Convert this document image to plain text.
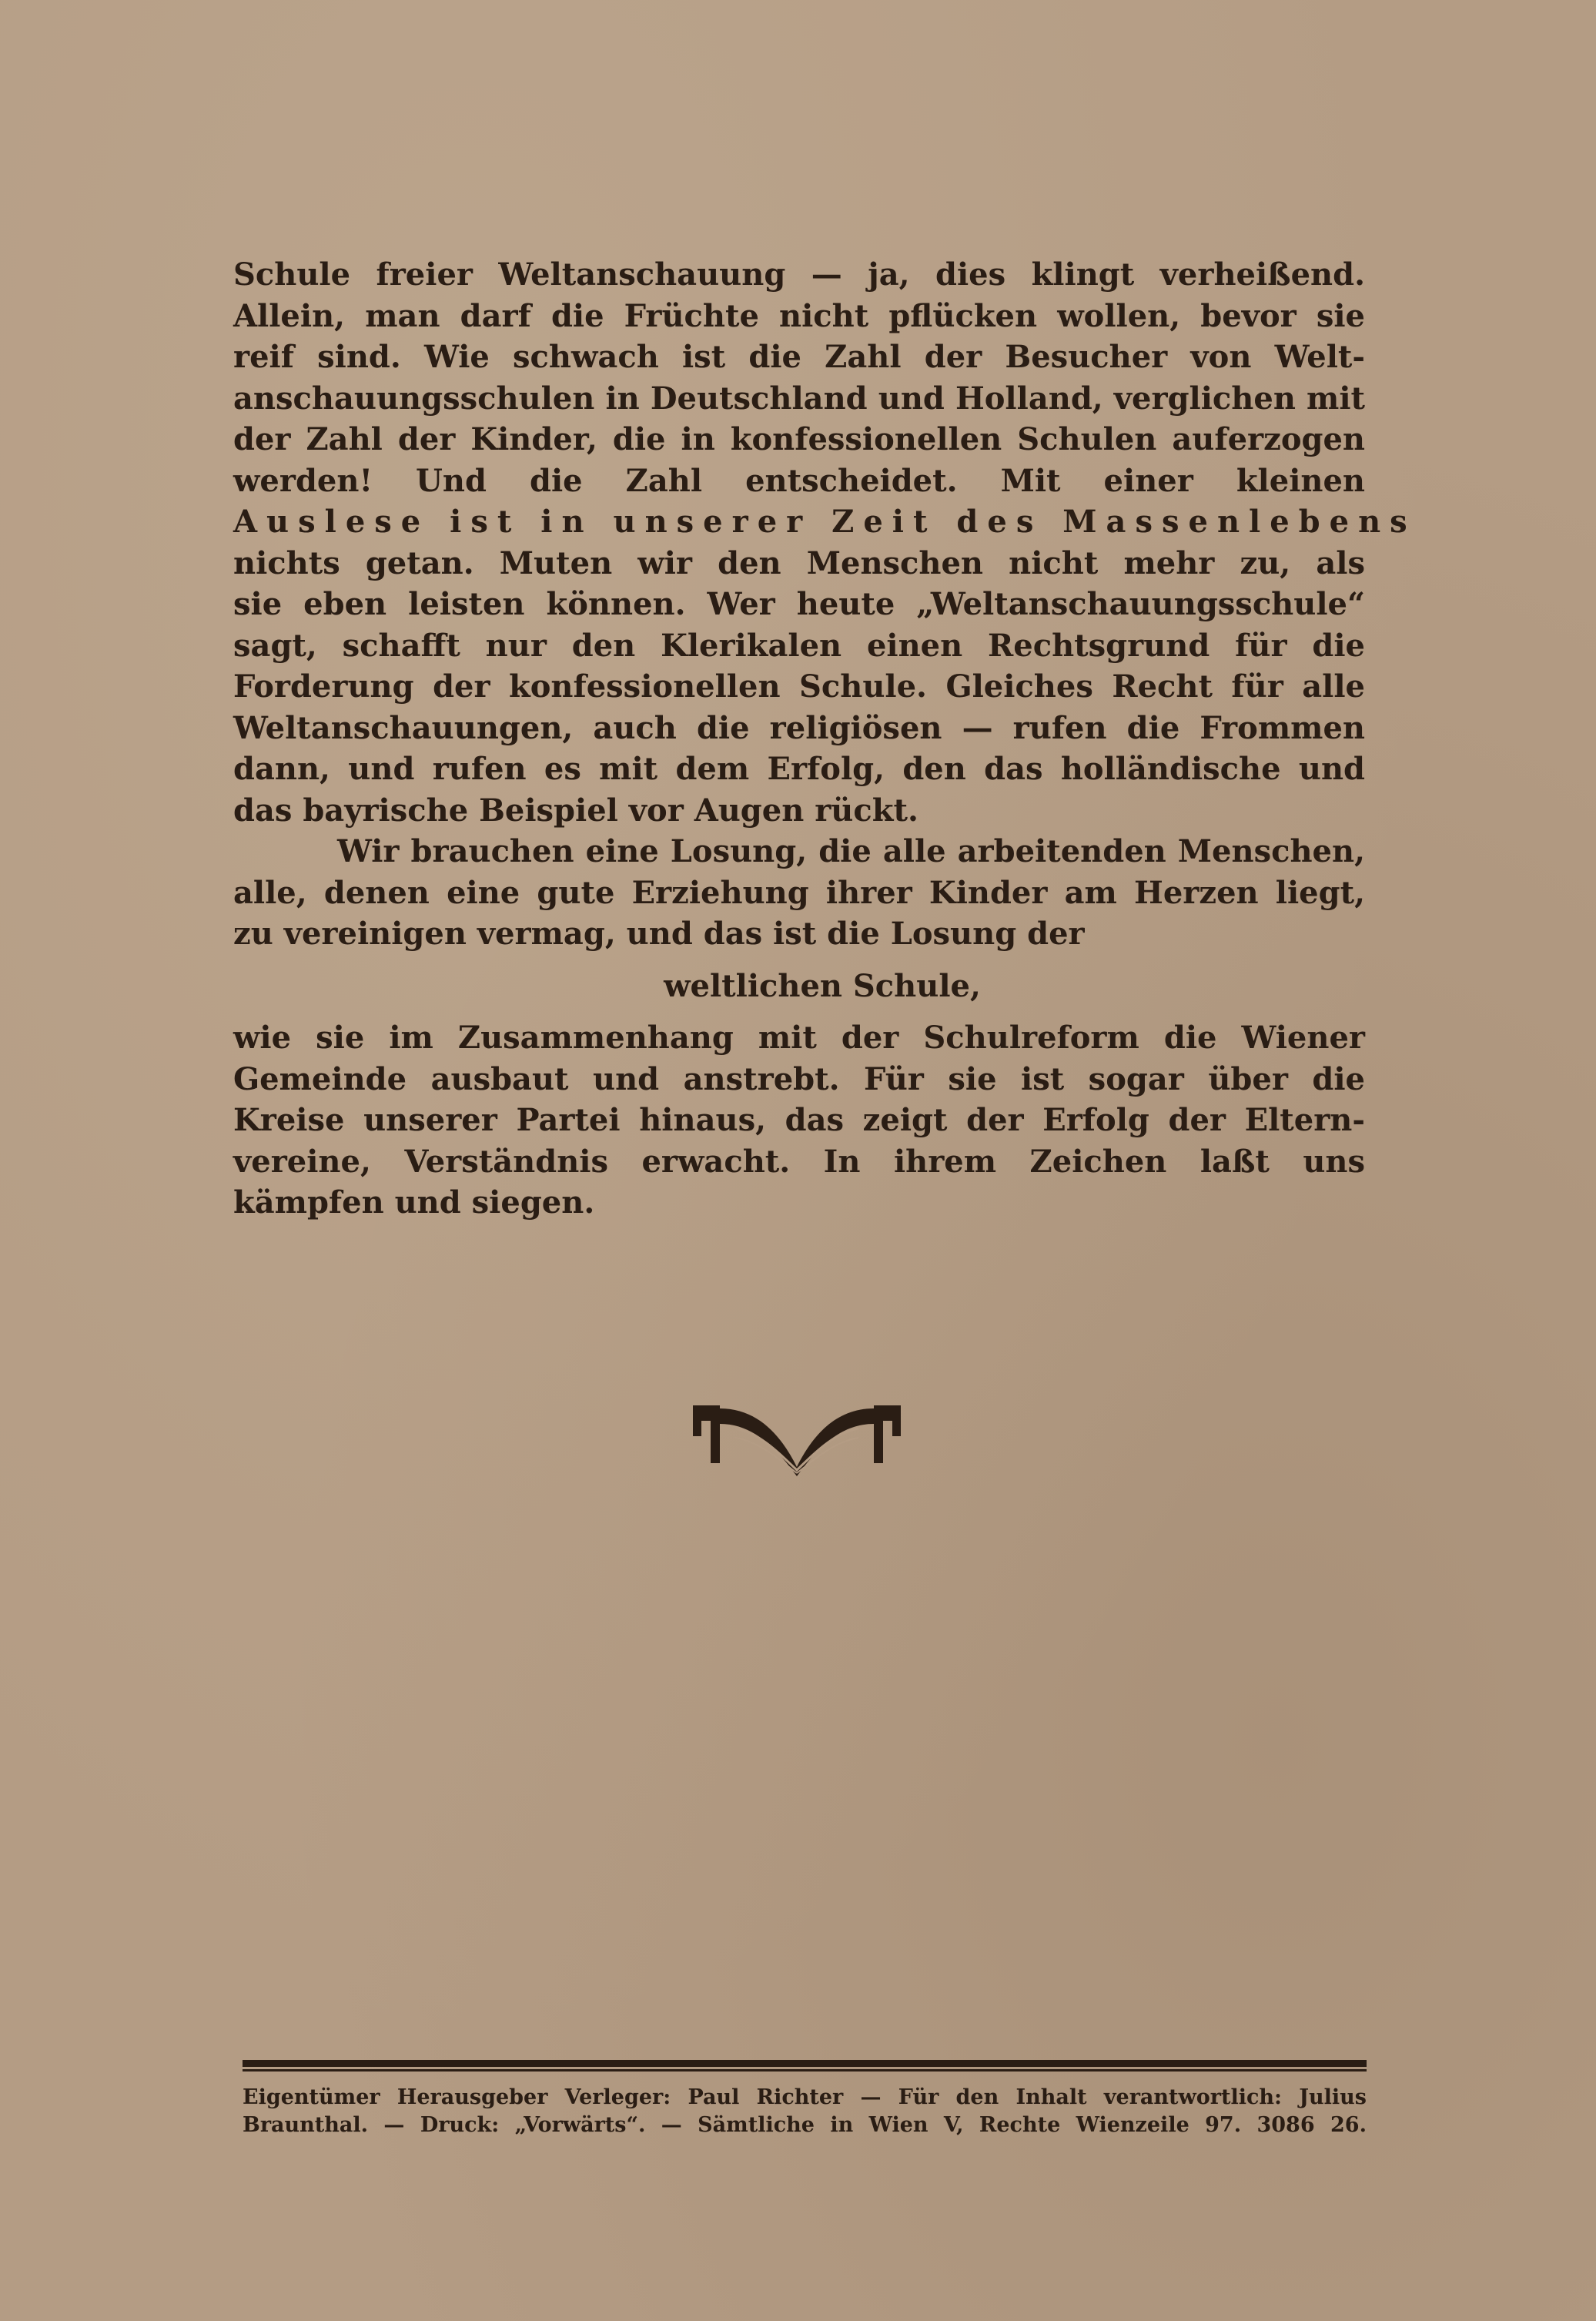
Schule freier Weltanschauung — ja, dies klingt verheißend.
Allein, man darf die Früchte nicht pflücken wollen, bevor sie
reif sind. Wie schwach ist die Zahl der Besucher von Welt-
anschauungsschulen in Deutschland und Holland, verglichen mit
der Zahl der Kinder, die in konfessionellen Schulen auferzogen
werden! Und die Zahl entscheidet. Mit einer kleinen
Auslese ist in unserer Zeit des Massenlebens
nichts getan. Muten wir den Menschen nicht mehr zu, als
sie eben leisten können. Wer heute „Weltanschauungsschule“
sagt, schafft nur den Klerikalen einen Rechtsgrund für die
Forderung der konfessionellen Schule. Gleiches Recht für alle
Weltanschauungen, auch die religiösen — rufen die Frommen
dann, und rufen es mit dem Erfolg, den das holländische und
das bayrische Beispiel vor Augen rückt.
Wir brauchen eine Losung, die alle arbeitenden Menschen,
alle, denen eine gute Erziehung ihrer Kinder am Herzen liegt,
zu vereinigen vermag, und das ist die Losung der
weltlichen Schule,
wie sie im Zusammenhang mit der Schulreform die Wiener
Gemeinde ausbaut und anstrebt. Für sie ist sogar über die
Kreise unserer Partei hinaus, das zeigt der Erfolg der Eltern-
vereine, Verständnis erwacht. In ihrem Zeichen laßt uns
kämpfen und siegen.
Eigentümer Herausgeber Verleger: Paul Richter — Für den Inhalt verantwortlich: Julius
Braunthal. — Druck: „Vorwärts“. — Sämtliche in Wien V, Rechte Wienzeile 97. 3086 26.
